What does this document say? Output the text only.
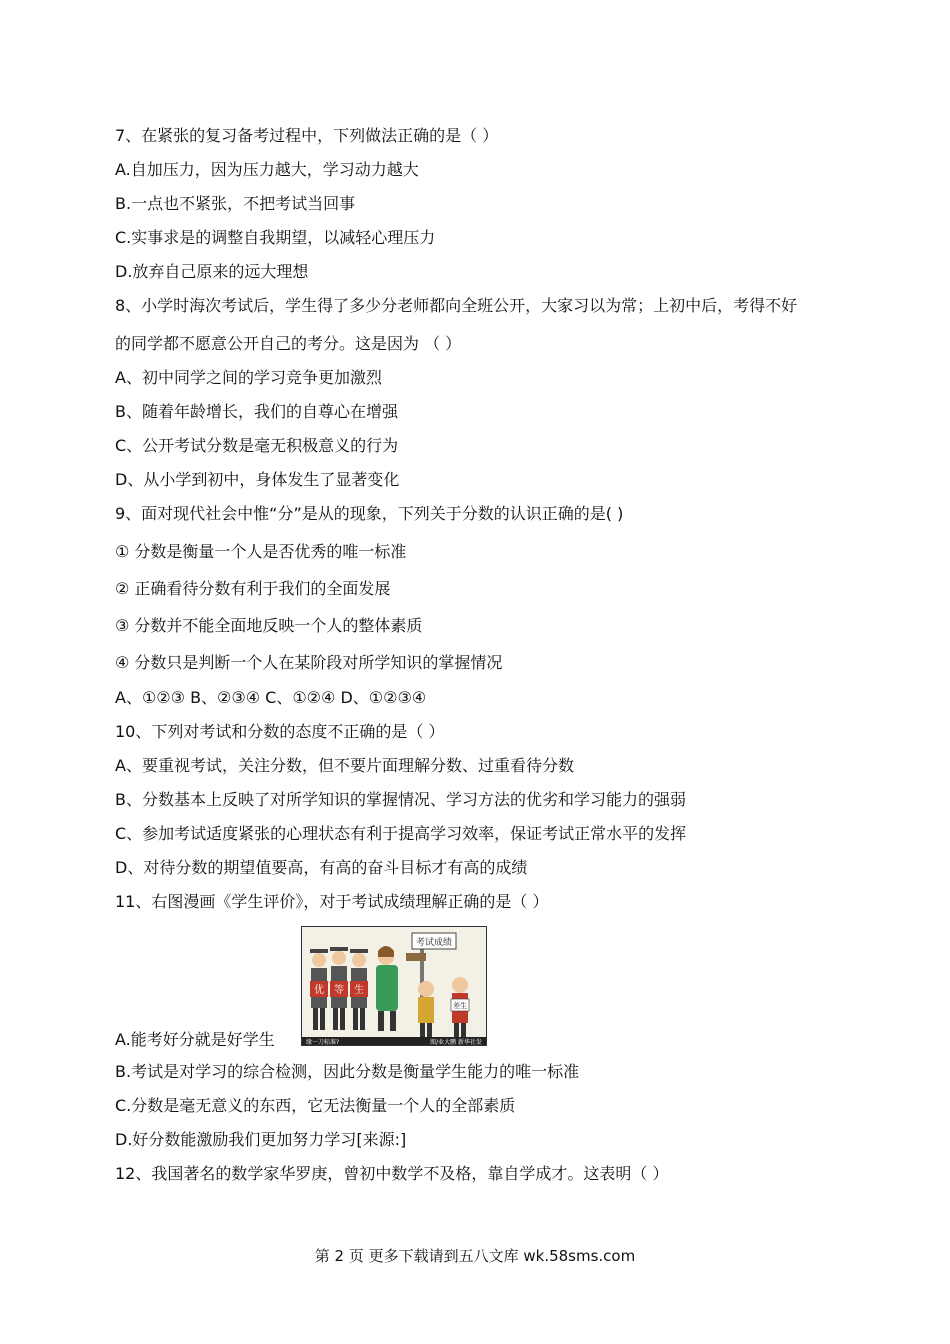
7、在紧张的复习备考过程中，下列做法正确的是（ ）
A.自加压力，因为压力越大，学习动力越大
B.一点也不紧张，不把考试当回事
C.实事求是的调整自我期望，以减轻心理压力
D.放弃自己原来的远大理想
8、小学时海次考试后，学生得了多少分老师都向全班公开，大家习以为常；上初中后，考得不好
的同学都不愿意公开自己的考分。这是因为 （ ）
A、初中同学之间的学习竞争更加激烈
B、随着年龄增长，我们的自尊心在增强
C、公开考试分数是毫无积极意义的行为
D、从小学到初中，身体发生了显著变化
9、面对现代社会中惟“分”是从的现象，下列关于分数的认识正确的是( )
① 分数是衡量一个人是否优秀的唯一标准
② 正确看待分数有利于我们的全面发展
③ 分数并不能全面地反映一个人的整体素质
④ 分数只是判断一个人在某阶段对所学知识的掌握情况
A、①②③ B、②③④ C、①②④ D、①②③④
10、下列对考试和分数的态度不正确的是（ ）
A、要重视考试，关注分数，但不要片面理解分数、过重看待分数
B、分数基本上反映了对所学知识的掌握情况、学习方法的优劣和学习能力的强弱
C、参加考试适度紧张的心理状态有利于提高学习效率，保证考试正常水平的发挥
D、对待分数的期望值要高，有高的奋斗目标才有高的成绩
11、右图漫画《学生评价》，对于考试成绩理解正确的是（ ）
考试成绩
优 等 生
差生
缘一刀标准?	图/业大鹏 新华社发
A.能考好分就是好学生
B.考试是对学习的综合检测，因此分数是衡量学生能力的唯一标准
C.分数是毫无意义的东西，它无法衡量一个人的全部素质
D.好分数能激励我们更加努力学习[来源:]
12、我国著名的数学家华罗庚，曾初中数学不及格，靠自学成才。这表明（ ）
第 2 页 更多下载请到五八文库 wk.58sms.com
